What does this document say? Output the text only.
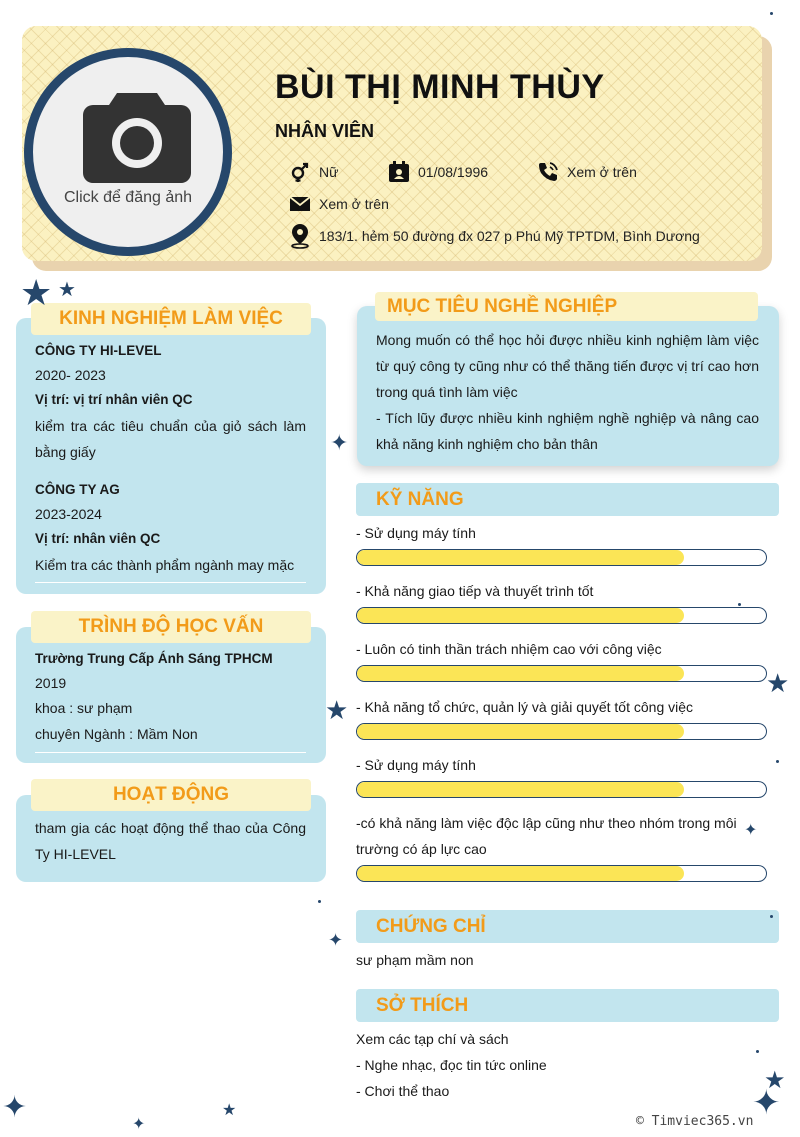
Click để đăng ảnh
BÙI THỊ MINH THÙY
NHÂN VIÊN
Nữ	01/08/1996	Xem ở trên
Xem ở trên
183/1. hẻm 50 đường đx 027 p Phú Mỹ TPTDM, Bình Dương
KINH NGHIỆM LÀM VIỆC
CÔNG TY HI-LEVEL
2020- 2023
Vị trí: vị trí nhân viên QC
kiểm tra các tiêu chuẩn của giỏ sách làm bằng giấy
CÔNG TY AG
2023-2024
Vị trí: nhân viên QC
Kiểm tra các thành phẩm ngành may mặc
TRÌNH ĐỘ HỌC VẤN
Trường Trung Cấp Ánh Sáng TPHCM
2019
khoa : sư phạm
chuyên Ngành : Mầm Non
HOẠT ĐỘNG
tham gia các hoạt động thể thao của Công Ty HI-LEVEL
MỤC TIÊU NGHỀ NGHIỆP
Mong muốn có thể học hỏi được nhiều kinh nghiệm làm việc từ quý công ty cũng như có thể thăng tiến được vị trí cao hơn trong quá tình làm việc
- Tích lũy được nhiều kinh nghiệm nghề nghiệp và nâng cao khả năng kinh nghiệm cho bản thân
KỸ NĂNG
- Sử dụng máy tính
- Khả năng giao tiếp và thuyết trình tốt
- Luôn có tinh thần trách nhiệm cao với công việc
- Khả năng tổ chức, quản lý và giải quyết tốt công việc
- Sử dụng máy tính
-có khả năng làm việc độc lập cũng như theo nhóm trong môi trường có áp lực cao
CHỨNG CHỈ
sư phạm mầm non
SỞ THÍCH
Xem các tạp chí và sách
- Nghe nhạc, đọc tin tức online
- Chơi thể thao
★ ★
✦
★
✦
★
✦
★
✦
✦	★
✦	© Timviec365.vn
